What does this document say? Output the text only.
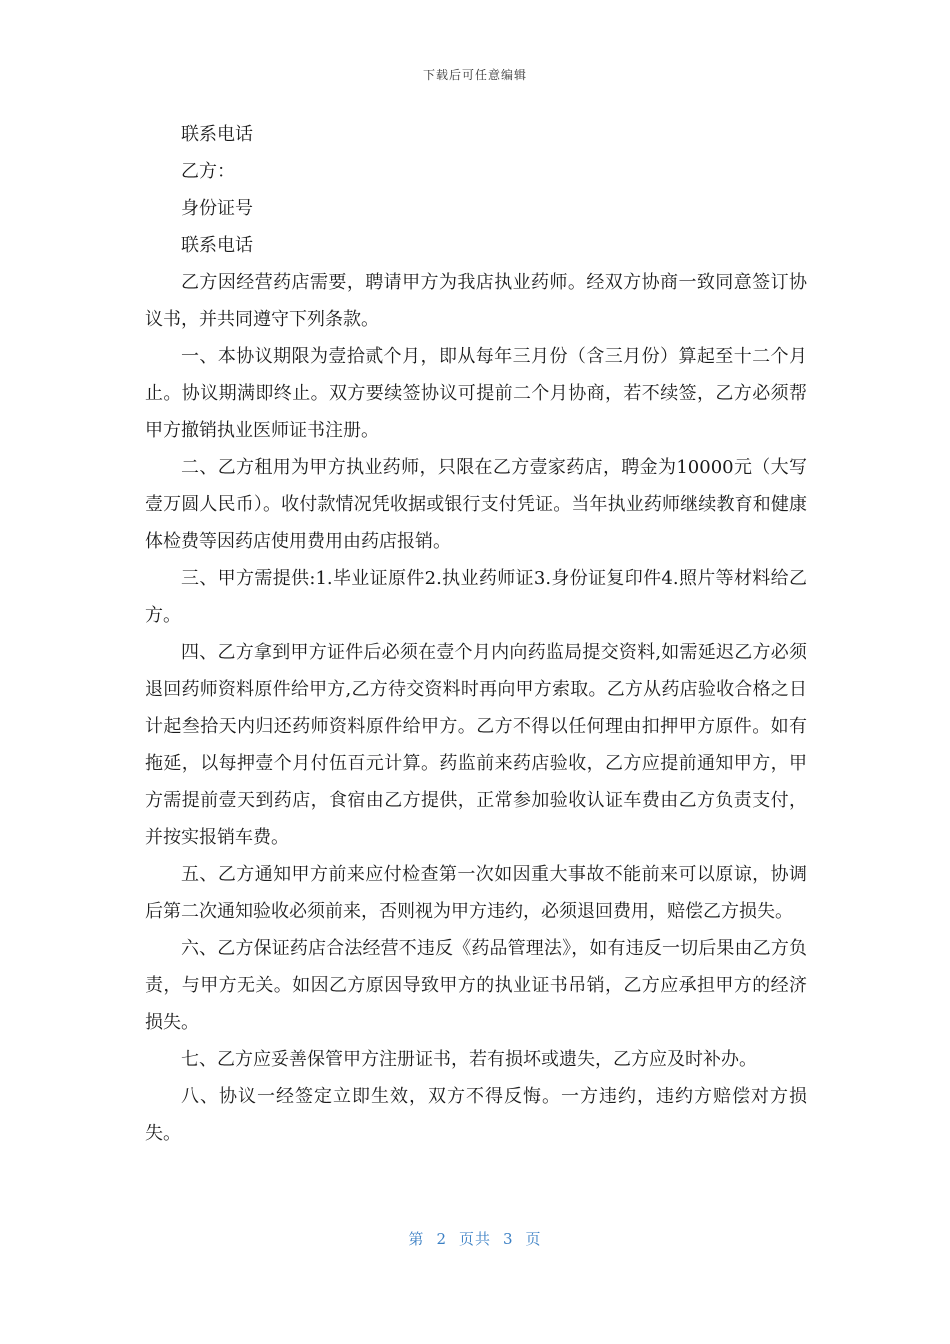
下载后可任意编辑

联系电话

乙方：

身份证号

联系电话

乙方因经营药店需要，聘请甲方为我店执业药师。经双方协商一致同意签订协议书，并共同遵守下列条款。

一、本协议期限为壹拾贰个月，即从每年三月份（含三月份）算起至十二个月止。协议期满即终止。双方要续签协议可提前二个月协商，若不续签，乙方必须帮甲方撤销执业医师证书注册。

二、乙方租用为甲方执业药师，只限在乙方壹家药店，聘金为10000元（大写壹万圆人民币）。收付款情况凭收据或银行支付凭证。当年执业药师继续教育和健康体检费等因药店使用费用由药店报销。

三、甲方需提供:1.毕业证原件2.执业药师证3.身份证复印件4.照片等材料给乙方。

四、乙方拿到甲方证件后必须在壹个月内向药监局提交资料,如需延迟乙方必须退回药师资料原件给甲方,乙方待交资料时再向甲方索取。乙方从药店验收合格之日计起叁拾天内归还药师资料原件给甲方。乙方不得以任何理由扣押甲方原件。如有拖延，以每押壹个月付伍百元计算。药监前来药店验收，乙方应提前通知甲方，甲方需提前壹天到药店，食宿由乙方提供，正常参加验收认证车费由乙方负责支付，并按实报销车费。

五、乙方通知甲方前来应付检查第一次如因重大事故不能前来可以原谅，协调后第二次通知验收必须前来，否则视为甲方违约，必须退回费用，赔偿乙方损失。

六、乙方保证药店合法经营不违反《药品管理法》，如有违反一切后果由乙方负责，与甲方无关。如因乙方原因导致甲方的执业证书吊销，乙方应承担甲方的经济损失。

七、乙方应妥善保管甲方注册证书，若有损坏或遗失，乙方应及时补办。

八、协议一经签定立即生效，双方不得反悔。一方违约，违约方赔偿对方损失。

第 2 页共 3 页
